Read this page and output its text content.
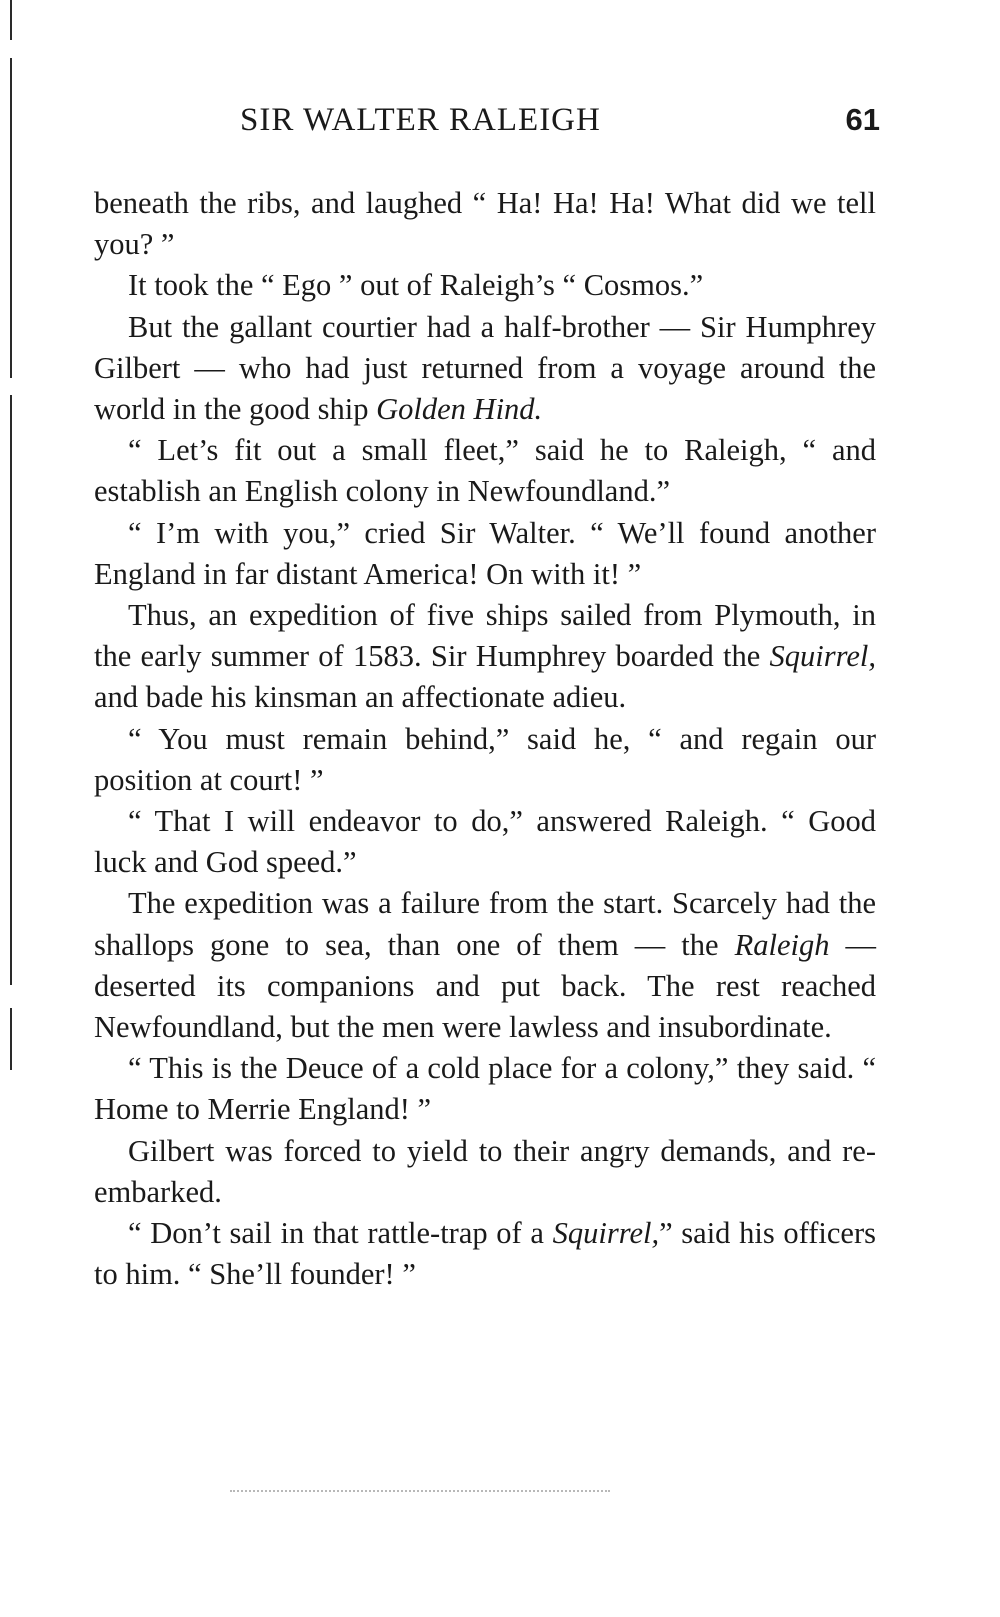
SIR WALTER RALEIGH	61

beneath the ribs, and laughed “ Ha! Ha! Ha! What did we tell you? ”

It took the “ Ego ” out of Raleigh’s “ Cosmos.”

But the gallant courtier had a half-brother — Sir Humphrey Gilbert — who had just returned from a voyage around the world in the good ship Golden Hind.

“ Let’s fit out a small fleet,” said he to Raleigh, “ and establish an English colony in Newfoundland.”

“ I’m with you,” cried Sir Walter. “ We’ll found another England in far distant America! On with it! ”

Thus, an expedition of five ships sailed from Plymouth, in the early summer of 1583. Sir Humphrey boarded the Squirrel, and bade his kinsman an affectionate adieu.

“ You must remain behind,” said he, “ and regain our position at court! ”

“ That I will endeavor to do,” answered Raleigh. “ Good luck and God speed.”

The expedition was a failure from the start. Scarcely had the shallops gone to sea, than one of them — the Raleigh — deserted its companions and put back. The rest reached Newfoundland, but the men were lawless and insubordinate.

“ This is the Deuce of a cold place for a colony,” they said. “ Home to Merrie England! ”

Gilbert was forced to yield to their angry demands, and re-embarked.

“ Don’t sail in that rattle-trap of a Squirrel,” said his officers to him. “ She’ll founder! ”
